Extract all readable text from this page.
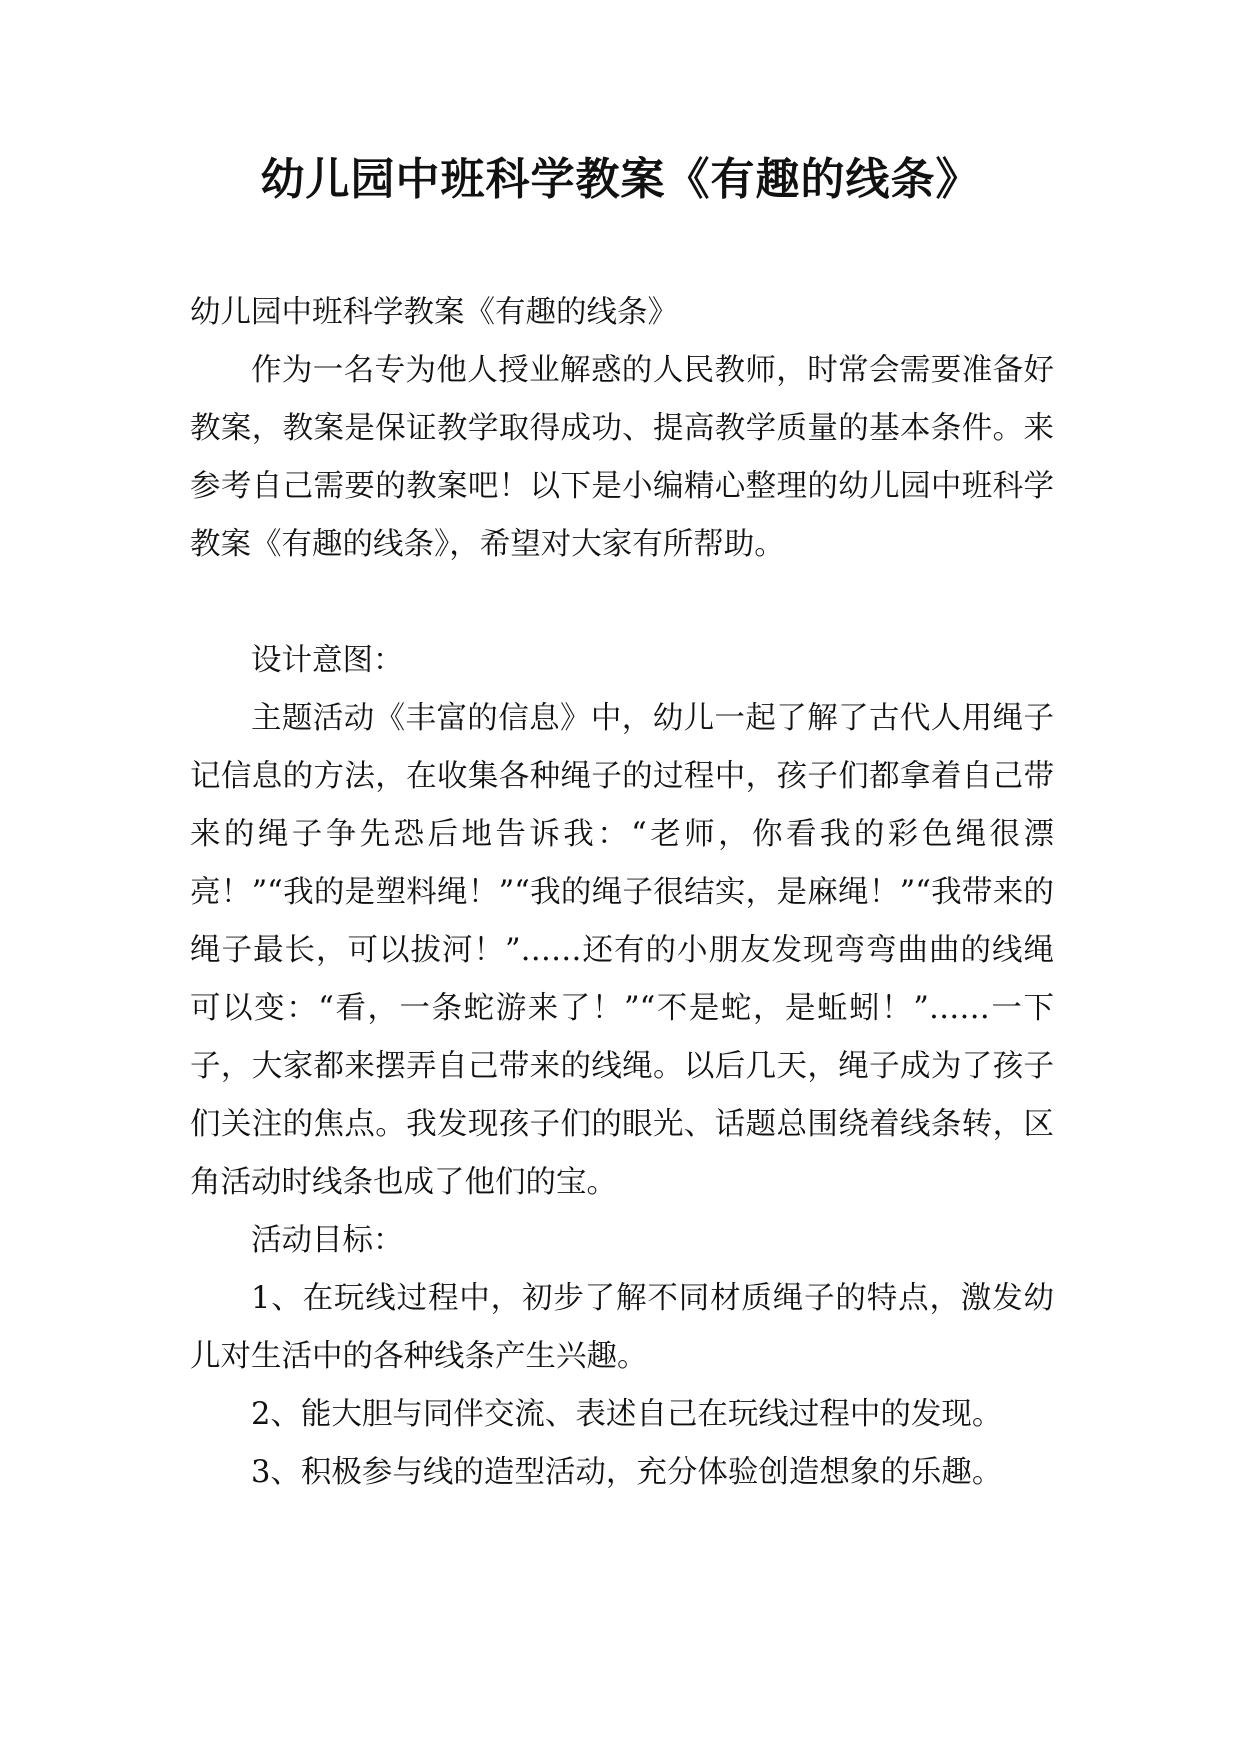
幼儿园中班科学教案《有趣的线条》

幼儿园中班科学教案《有趣的线条》

作为一名专为他人授业解惑的人民教师，时常会需要准备好教案，教案是保证教学取得成功、提高教学质量的基本条件。来参考自己需要的教案吧！以下是小编精心整理的幼儿园中班科学教案《有趣的线条》，希望对大家有所帮助。

设计意图：

主题活动《丰富的信息》中，幼儿一起了解了古代人用绳子记信息的方法，在收集各种绳子的过程中，孩子们都拿着自己带来的绳子争先恐后地告诉我：“老师，你看我的彩色绳很漂亮！”“我的是塑料绳！”“我的绳子很结实，是麻绳！”“我带来的绳子最长，可以拔河！”……还有的小朋友发现弯弯曲曲的线绳可以变：“看，一条蛇游来了！”“不是蛇，是蚯蚓！”……一下子，大家都来摆弄自己带来的线绳。以后几天，绳子成为了孩子们关注的焦点。我发现孩子们的眼光、话题总围绕着线条转，区角活动时线条也成了他们的宝。

活动目标：

1、在玩线过程中，初步了解不同材质绳子的特点，激发幼儿对生活中的各种线条产生兴趣。

2、能大胆与同伴交流、表述自己在玩线过程中的发现。

3、积极参与线的造型活动，充分体验创造想象的乐趣。
